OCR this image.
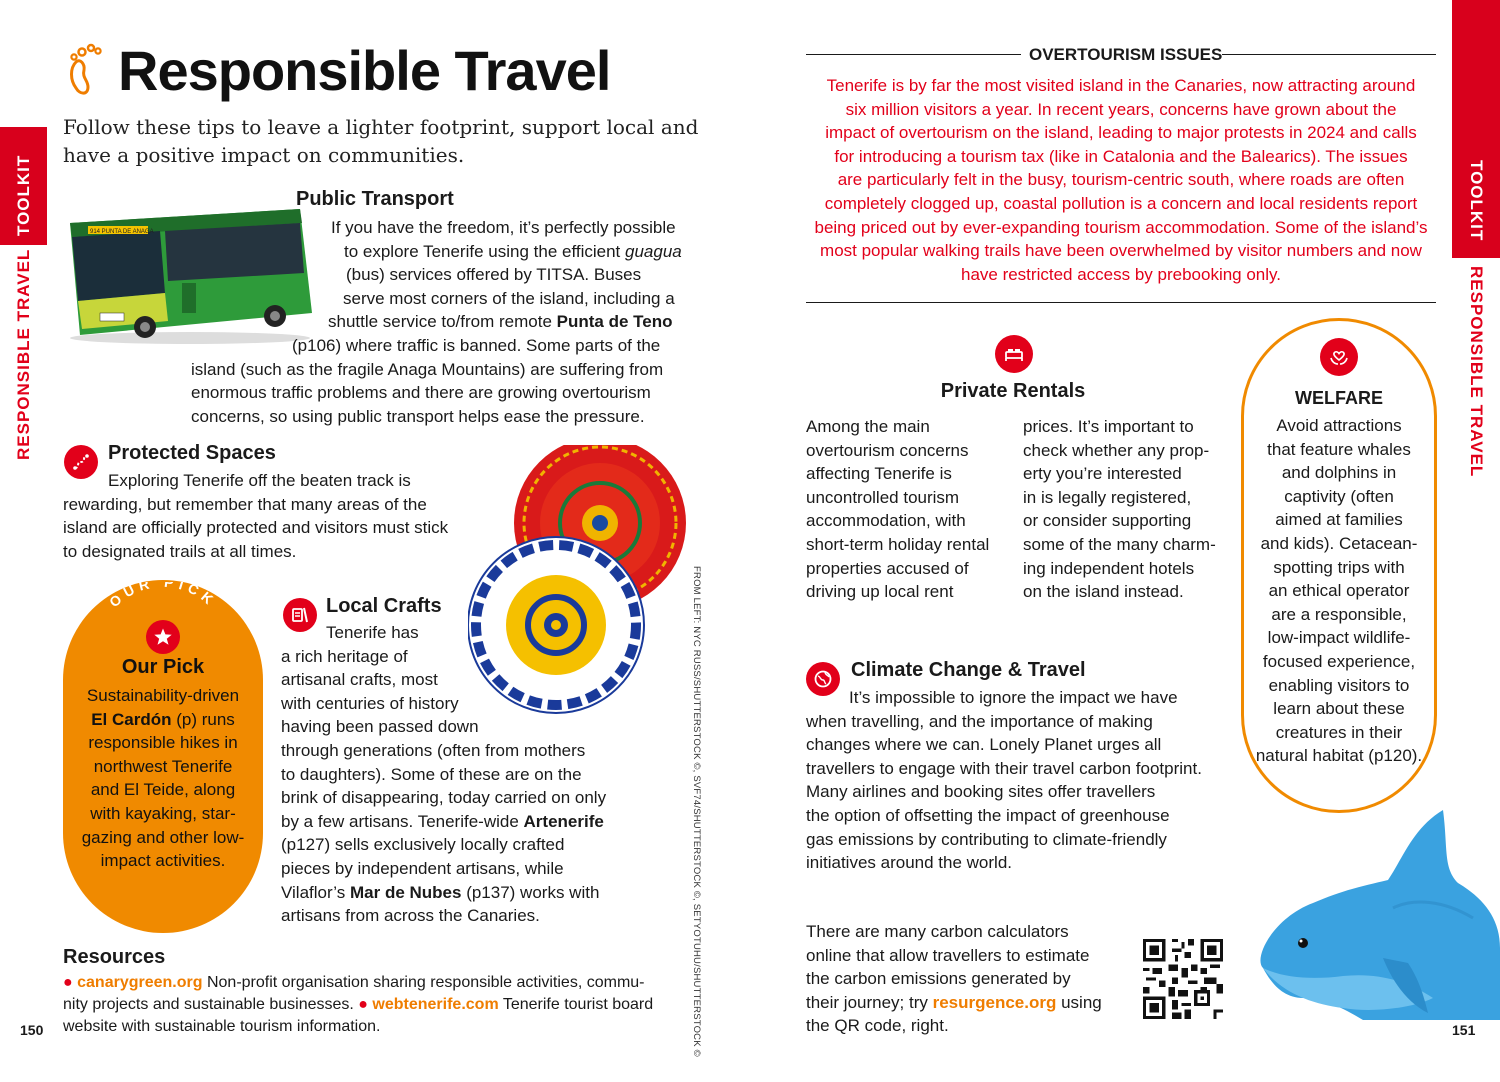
TOOLKIT
RESPONSIBLE TRAVEL
Responsible Travel
Follow these tips to leave a lighter footprint, support local and
have a positive impact on communities.
914 PUNTA DE ANAGA
Public Transport
If you have the freedom, it’s perfectly possible
to explore Tenerife using the efficient guagua
(bus) services offered by TITSA. Buses
serve most corners of the island, including a
shuttle service to/from remote Punta de Teno
(p106) where traffic is banned. Some parts of the
island (such as the fragile Anaga Mountains) are suffering from
enormous traffic problems and there are growing overtourism
concerns, so using public transport helps ease the pressure.
Protected Spaces
Exploring Tenerife off the beaten track is
rewarding, but remember that many areas of the
island are officially protected and visitors must stick
to designated trails at all times.
OUR PICK
Our Pick
Sustainability-driven
El Cardón (p) runs
responsible hikes in
northwest Tenerife
and El Teide, along
with kayaking, star-
gazing and other low-
impact activities.
Local Crafts
Tenerife has
a rich heritage of
artisanal crafts, most
with centuries of history
having been passed down
through generations (often from mothers
to daughters). Some of these are on the
brink of disappearing, today carried on only
by a few artisans. Tenerife-wide Artenerife
(p127) sells exclusively locally crafted
pieces by independent artisans, while
Vilaflor’s Mar de Nubes (p137) works with
artisans from across the Canaries.
Resources
● canarygreen.org Non-profit organisation sharing responsible activities, commu-
nity projects and sustainable businesses. ● webtenerife.com Tenerife tourist board
website with sustainable tourism information.
150	FROM LEFT: NYC RUSS/SHUTTERSTOCK ©, SVF74/SHUTTERSTOCK ©, SETYOTUHU/SHUTTERSTOCK ©
TOOLKIT
RESPONSIBLE TRAVEL
OVERTOURISM ISSUES
Tenerife is by far the most visited island in the Canaries, now attracting around
six million visitors a year. In recent years, concerns have grown about the
impact of overtourism on the island, leading to major protests in 2024 and calls
for introducing a tourism tax (like in Catalonia and the Balearics). The issues
are particularly felt in the busy, tourism-centric south, where roads are often
completely clogged up, coastal pollution is a concern and local residents report
being priced out by ever-expanding tourism accommodation. Some of the island’s
most popular walking trails have been overwhelmed by visitor numbers and now
have restricted access by prebooking only.
Private Rentals
Among the main
overtourism concerns
affecting Tenerife is
uncontrolled tourism
accommodation, with
short-term holiday rental
properties accused of
driving up local rent
prices. It’s important to
check whether any prop-
erty you’re interested
in is legally registered,
or consider supporting
some of the many charm-
ing independent hotels
on the island instead.
WELFARE
Avoid attractions
that feature whales
and dolphins in
captivity (often
aimed at families
and kids). Cetacean-
spotting trips with
an ethical operator
are a responsible,
low-impact wildlife-
focused experience,
enabling visitors to
learn about these
creatures in their
natural habitat (p120).
Climate Change & Travel
It’s impossible to ignore the impact we have
when travelling, and the importance of making
changes where we can. Lonely Planet urges all
travellers to engage with their travel carbon footprint.
Many airlines and booking sites offer travellers
the option of offsetting the impact of greenhouse
gas emissions by contributing to climate-friendly
initiatives around the world.
There are many carbon calculators
online that allow travellers to estimate
the carbon emissions generated by
their journey; try resurgence.org using
the QR code, right.	151
